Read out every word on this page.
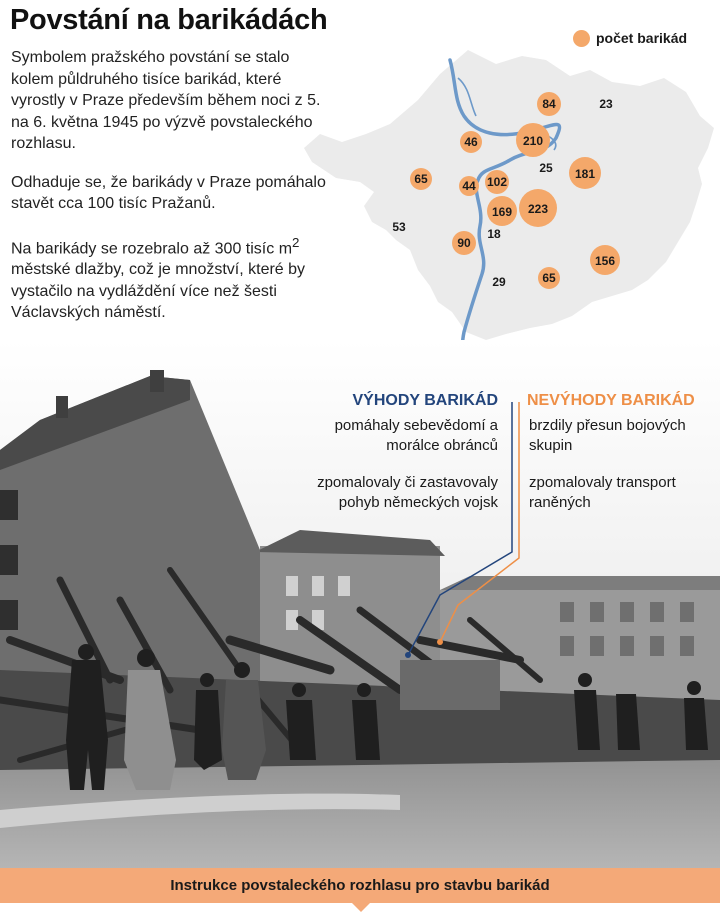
Povstání na barikádách

Symbolem pražského povstání se stalo kolem půldruhého tisíce barikád, které vyrostly v Praze především během noci z 5. na 6. května 1945 po výzvě povstaleckého rozhlasu.

Odhaduje se, že barikády v Praze pomáhalo stavět cca 100 tisíc Pražanů.

Na barikády se rozebralo až 300 tisíc $m^2$ městské dlažby, což je množství, které by vystačilo na vydláždění více než šesti Václavských náměstí.

počet barikád
84	23
210
46
25 181
65	44 102
169 223
53
90
18
156
29	65
VÝHODY BARIKÁD

pomáhaly sebevědomí a morálce obránců

zpomalovaly či zastavovaly pohyb německých vojsk

NEVÝHODY BARIKÁD

brzdily přesun bojových skupin

zpomalovaly transport raněných

Instrukce povstaleckého rozhlasu pro stavbu barikád
